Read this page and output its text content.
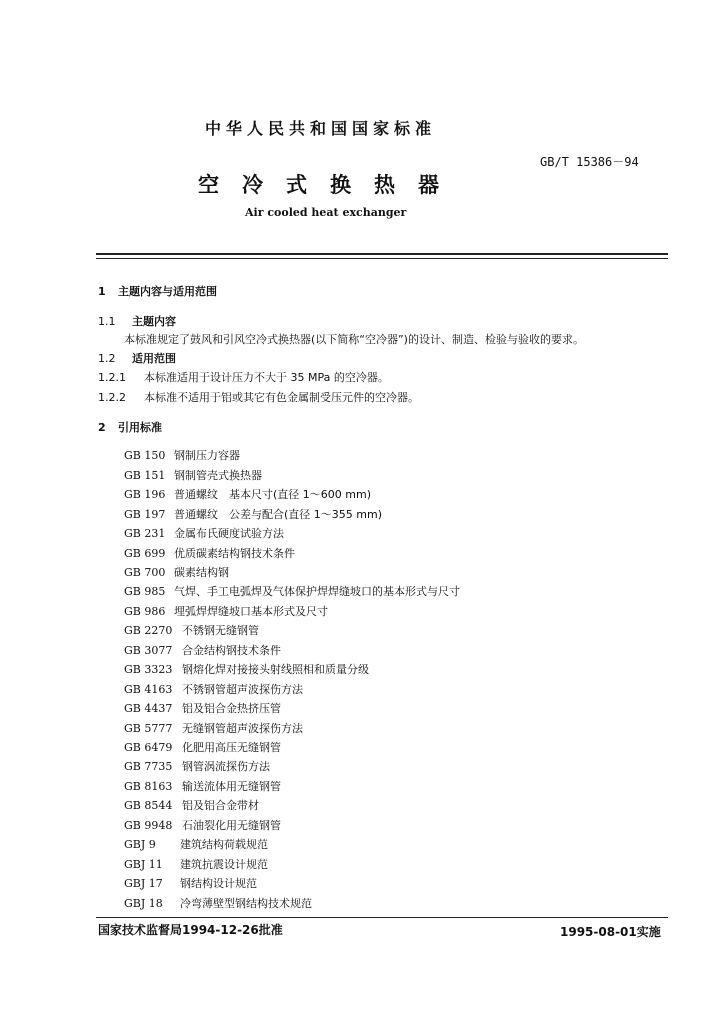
中华人民共和国国家标准
GB/T 15386－94
空 冷 式 换 热 器
Air cooled heat exchanger
1 主题内容与适用范围
1.1 主题内容
本标准规定了鼓风和引风空冷式换热器(以下简称“空冷器”)的设计、制造、检验与验收的要求。
1.2 适用范围
1.2.1 本标准适用于设计压力不大于 35 MPa 的空冷器。
1.2.2 本标准不适用于铝或其它有色金属制受压元件的空冷器。
2 引用标准
GB 150 钢制压力容器
GB 151 钢制管壳式换热器
GB 196 普通螺纹　基本尺寸(直径 1～600 mm)
GB 197 普通螺纹　公差与配合(直径 1～355 mm)
GB 231 金属布氏硬度试验方法
GB 699 优质碳素结构钢技术条件
GB 700 碳素结构钢
GB 985 气焊、手工电弧焊及气体保护焊焊缝坡口的基本形式与尺寸
GB 986 埋弧焊焊缝坡口基本形式及尺寸
GB 2270 不锈钢无缝钢管
GB 3077 合金结构钢技术条件
GB 3323 钢熔化焊对接接头射线照相和质量分级
GB 4163 不锈钢管超声波探伤方法
GB 4437 铝及铝合金热挤压管
GB 5777 无缝钢管超声波探伤方法
GB 6479 化肥用高压无缝钢管
GB 7735 钢管涡流探伤方法
GB 8163 输送流体用无缝钢管
GB 8544 铝及铝合金带材
GB 9948 石油裂化用无缝钢管
GBJ 9 建筑结构荷载规范
GBJ 11 建筑抗震设计规范
GBJ 17 钢结构设计规范
GBJ 18 冷弯薄壁型钢结构技术规范
国家技术监督局1994-12-26批准	1995-08-01实施
